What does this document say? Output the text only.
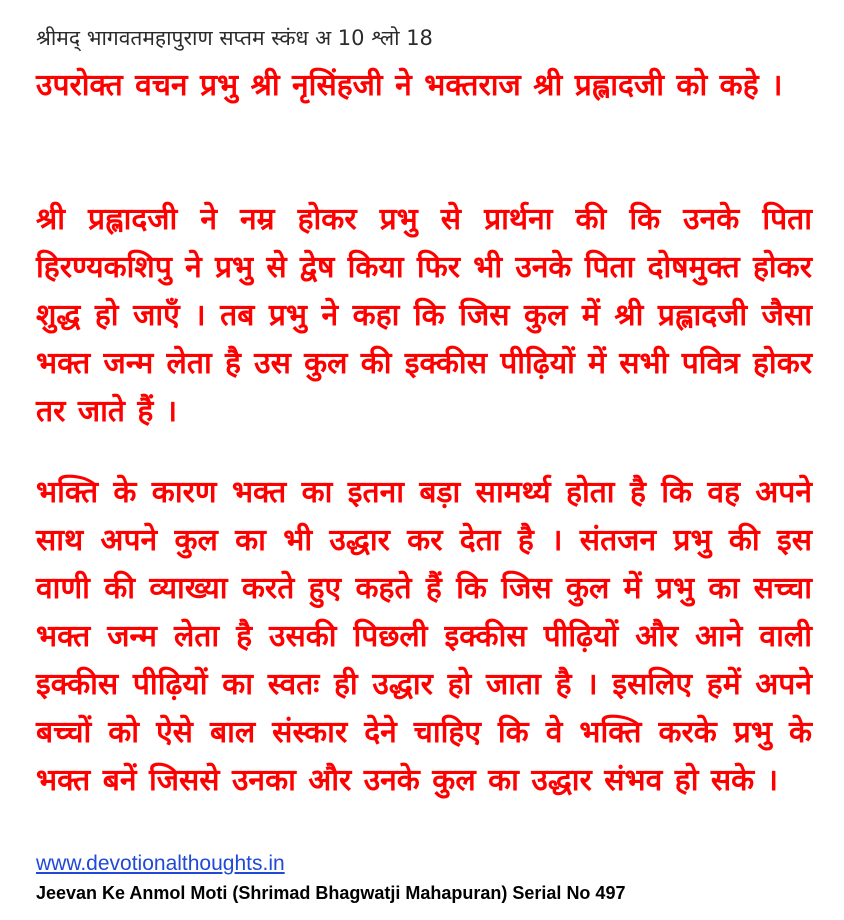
श्रीमद् भागवतमहापुराण सप्तम स्कंध अ 10 श्लो 18

उपरोक्त वचन प्रभु श्री नृसिंहजी ने भक्तराज श्री प्रह्लादजी को कहे ।

श्री प्रह्लादजी ने नम्र होकर प्रभु से प्रार्थना की कि उनके पिता हिरण्यकशिपु ने प्रभु से द्वेष किया फिर भी उनके पिता दोषमुक्त होकर शुद्ध हो जाएँ । तब प्रभु ने कहा कि जिस कुल में श्री प्रह्लादजी जैसा भक्त जन्म लेता है उस कुल की इक्कीस पीढ़ियों में सभी पवित्र होकर तर जाते हैं ।

भक्ति के कारण भक्त का इतना बड़ा सामर्थ्य होता है कि वह अपने साथ अपने कुल का भी उद्धार कर देता है । संतजन प्रभु की इस वाणी की व्याख्या करते हुए कहते हैं कि जिस कुल में प्रभु का सच्चा भक्त जन्म लेता है उसकी पिछली इक्कीस पीढ़ियों और आने वाली इक्कीस पीढ़ियों का स्वतः ही उद्धार हो जाता है । इसलिए हमें अपने बच्चों को ऐसे बाल संस्कार देने चाहिए कि वे भक्ति करके प्रभु के भक्त बनें जिससे उनका और उनके कुल का उद्धार संभव हो सके ।

www.devotionalthoughts.in
Jeevan Ke Anmol Moti (Shrimad Bhagwatji Mahapuran) Serial No 497
